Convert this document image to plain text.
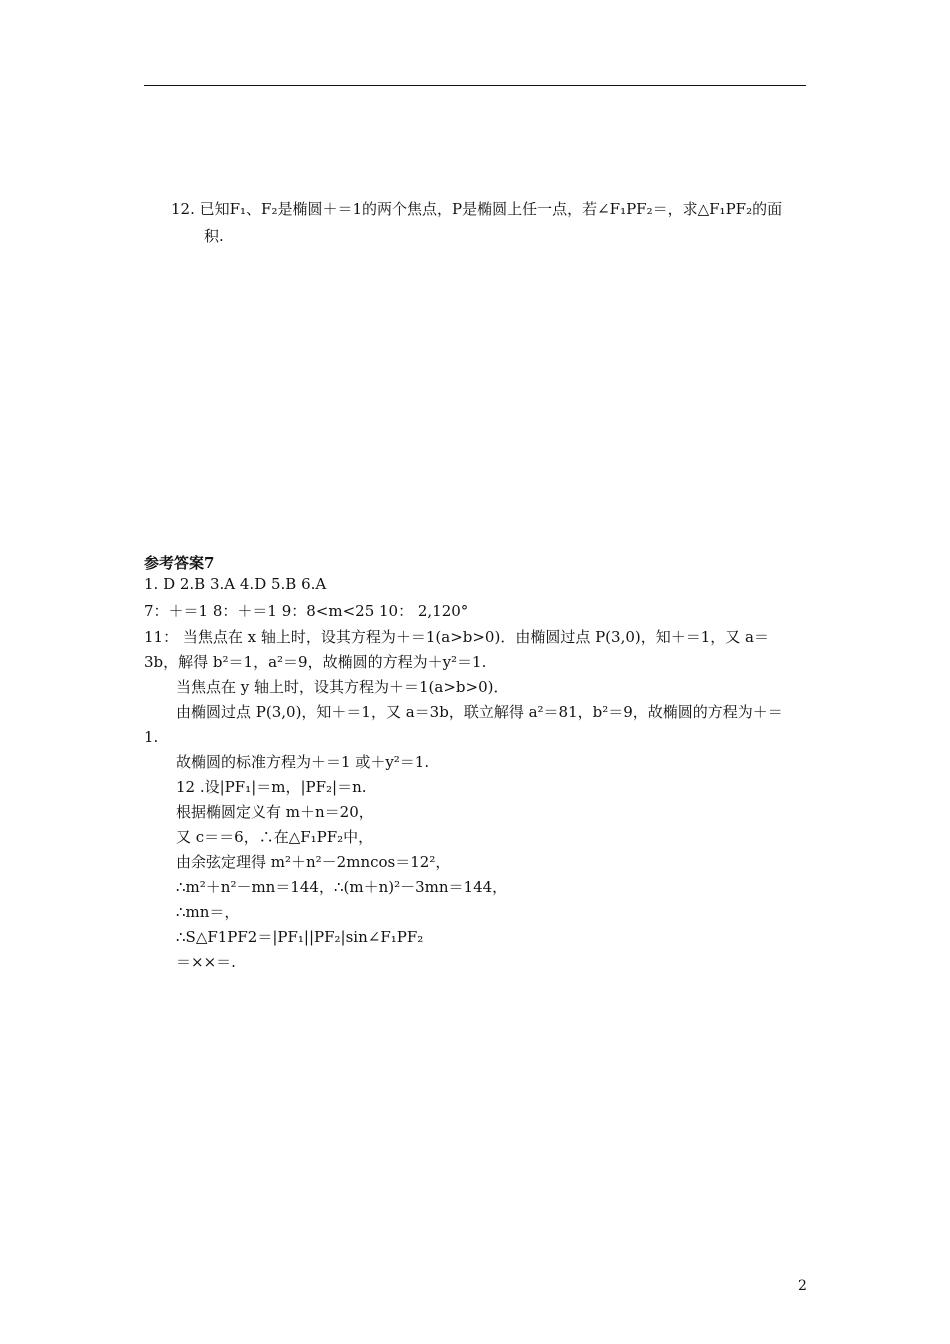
12. 已知F₁、F₂是椭圆＋＝1的两个焦点，P是椭圆上任一点，若∠F₁PF₂＝，求△F₁PF₂的面
积.
参考答案7
1. D 2.B 3.A 4.D 5.B 6.A
7：＋＝1 8：＋＝1 9：8<m<25 10： 2,120°
11： 当焦点在 x 轴上时，设其方程为＋＝1(a>b>0)．由椭圆过点 P(3,0)，知＋＝1，又 a＝
3b，解得 b²＝1，a²＝9，故椭圆的方程为＋y²＝1.
当焦点在 y 轴上时，设其方程为＋＝1(a>b>0)．
由椭圆过点 P(3,0)，知＋＝1，又 a＝3b，联立解得 a²＝81，b²＝9，故椭圆的方程为＋＝
1.
故椭圆的标准方程为＋＝1 或＋y²＝1.
12 .设|PF₁|＝m，|PF₂|＝n.
根据椭圆定义有 m＋n＝20，
又 c＝＝6，∴在△F₁PF₂中，
由余弦定理得 m²＋n²－2mncos＝12²，
∴m²＋n²－mn＝144，∴(m＋n)²－3mn＝144，
∴mn＝，
∴S△F1PF2＝|PF₁||PF₂|sin∠F₁PF₂
＝××＝.
2
